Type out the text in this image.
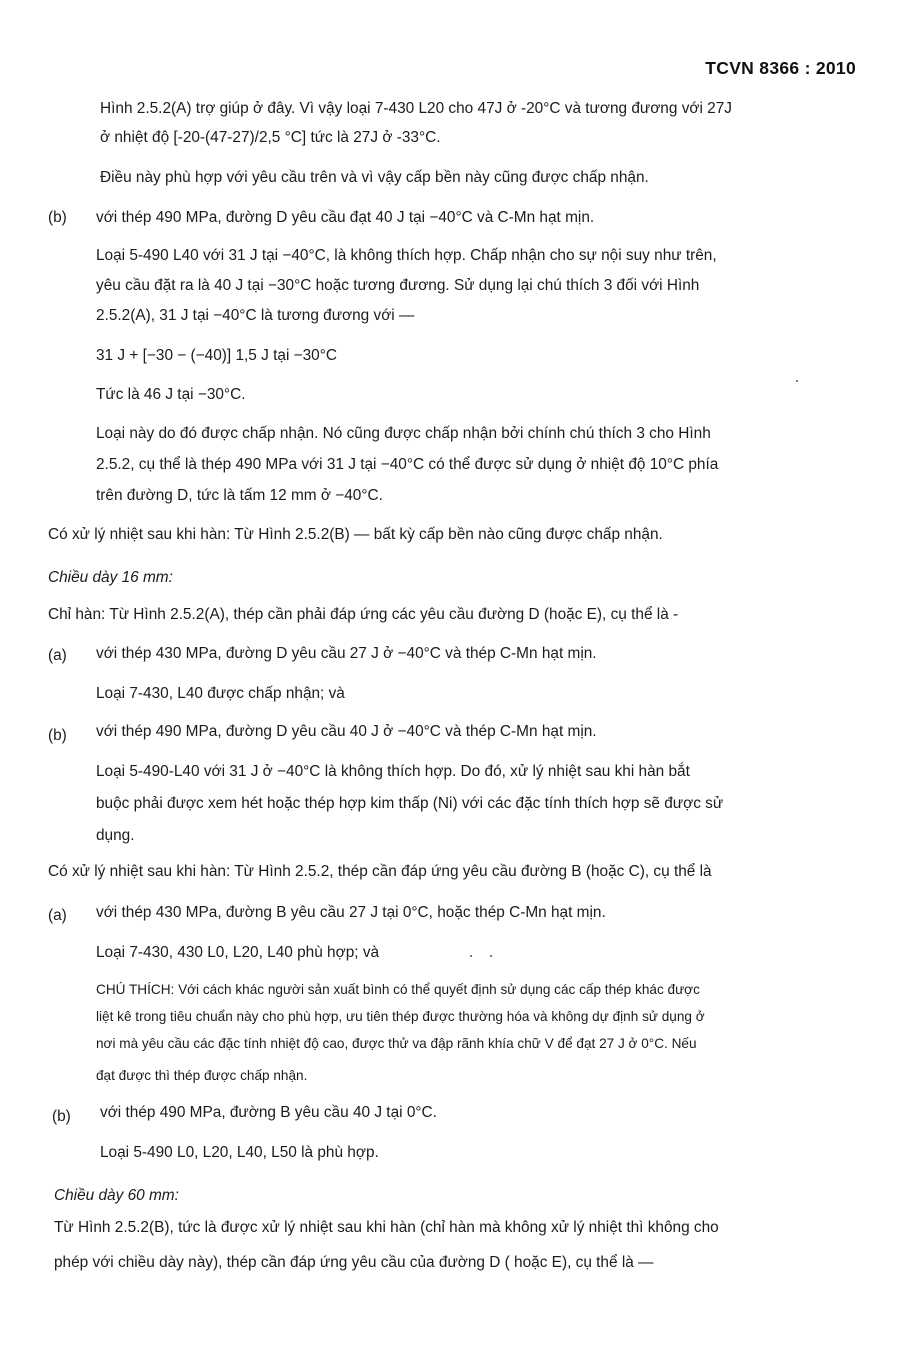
TCVN 8366 : 2010
Hình 2.5.2(A) trợ giúp ở đây. Vì vậy loại 7-430 L20 cho 47J ở -20°C và tương đương với 27J
ở nhiệt độ [-20-(47-27)/2,5 °C] tức là 27J ở -33°C.
Điều này phù hợp với yêu cầu trên và vì vậy cấp bền này cũng được chấp nhận.
(b) với thép 490 MPa, đường D yêu cầu đạt 40 J tại −40°C và C-Mn hạt mịn.
Loại 5-490 L40 với 31 J tại −40°C, là không thích hợp. Chấp nhận cho sự nội suy như trên,
yêu cầu đặt ra là 40 J tại −30°C hoặc tương đương. Sử dụng lại chú thích 3 đối với Hình
2.5.2(A), 31 J tại −40°C là tương đương với —
31 J + [−30 − (−40)] 1,5 J tại −30°C
Tức là 46 J tại −30°C.
Loại này do đó được chấp nhận. Nó cũng được chấp nhận bởi chính chú thích 3 cho Hình
2.5.2, cụ thể là thép 490 MPa với 31 J tại −40°C có thể được sử dụng ở nhiệt độ 10°C phía
trên đường D, tức là tấm 12 mm ở −40°C.
Có xử lý nhiệt sau khi hàn: Từ Hình 2.5.2(B) — bất kỳ cấp bền nào cũng được chấp nhận.
Chiều dày 16 mm:
Chỉ hàn: Từ Hình 2.5.2(A), thép cần phải đáp ứng các yêu cầu đường D (hoặc E), cụ thể là -
(a) với thép 430 MPa, đường D yêu cầu 27 J ở −40°C và thép C-Mn hạt mịn.
Loại 7-430, L40 được chấp nhận; và
(b) với thép 490 MPa, đường D yêu cầu 40 J ở −40°C và thép C-Mn hạt mịn.
Loại 5-490-L40 với 31 J ở −40°C là không thích hợp. Do đó, xử lý nhiệt sau khi hàn bắt
buộc phải được xem hét hoặc thép hợp kim thấp (Ni) với các đặc tính thích hợp sẽ được sử
dụng.
Có xử lý nhiệt sau khi hàn: Từ Hình 2.5.2, thép cần đáp ứng yêu cầu đường B (hoặc C), cụ thể là
(a) với thép 430 MPa, đường B yêu cầu 27 J tại 0°C, hoặc thép C-Mn hạt mịn.
Loại 7-430, 430 L0, L20, L40 phù hợp; và
CHÚ THÍCH: Với cách khác người sản xuất bình có thể quyết định sử dụng các cấp thép khác được
liệt kê trong tiêu chuẩn này cho phù hợp, ưu tiên thép được thường hóa và không dự định sử dụng ở
nơi mà yêu cầu các đặc tính nhiệt độ cao, được thử va đập rãnh khía chữ V để đạt 27 J ở 0°C. Nếu
đạt được thì thép được chấp nhận.
(b) với thép 490 MPa, đường B yêu cầu 40 J tại 0°C.
Loại 5-490 L0, L20, L40, L50 là phù hợp.
Chiều dày 60 mm:
Từ Hình 2.5.2(B), tức là được xử lý nhiệt sau khi hàn (chỉ hàn mà không xử lý nhiệt thì không cho
phép với chiều dày này), thép cần đáp ứng yêu cầu của đường D ( hoặc E), cụ thể là —
